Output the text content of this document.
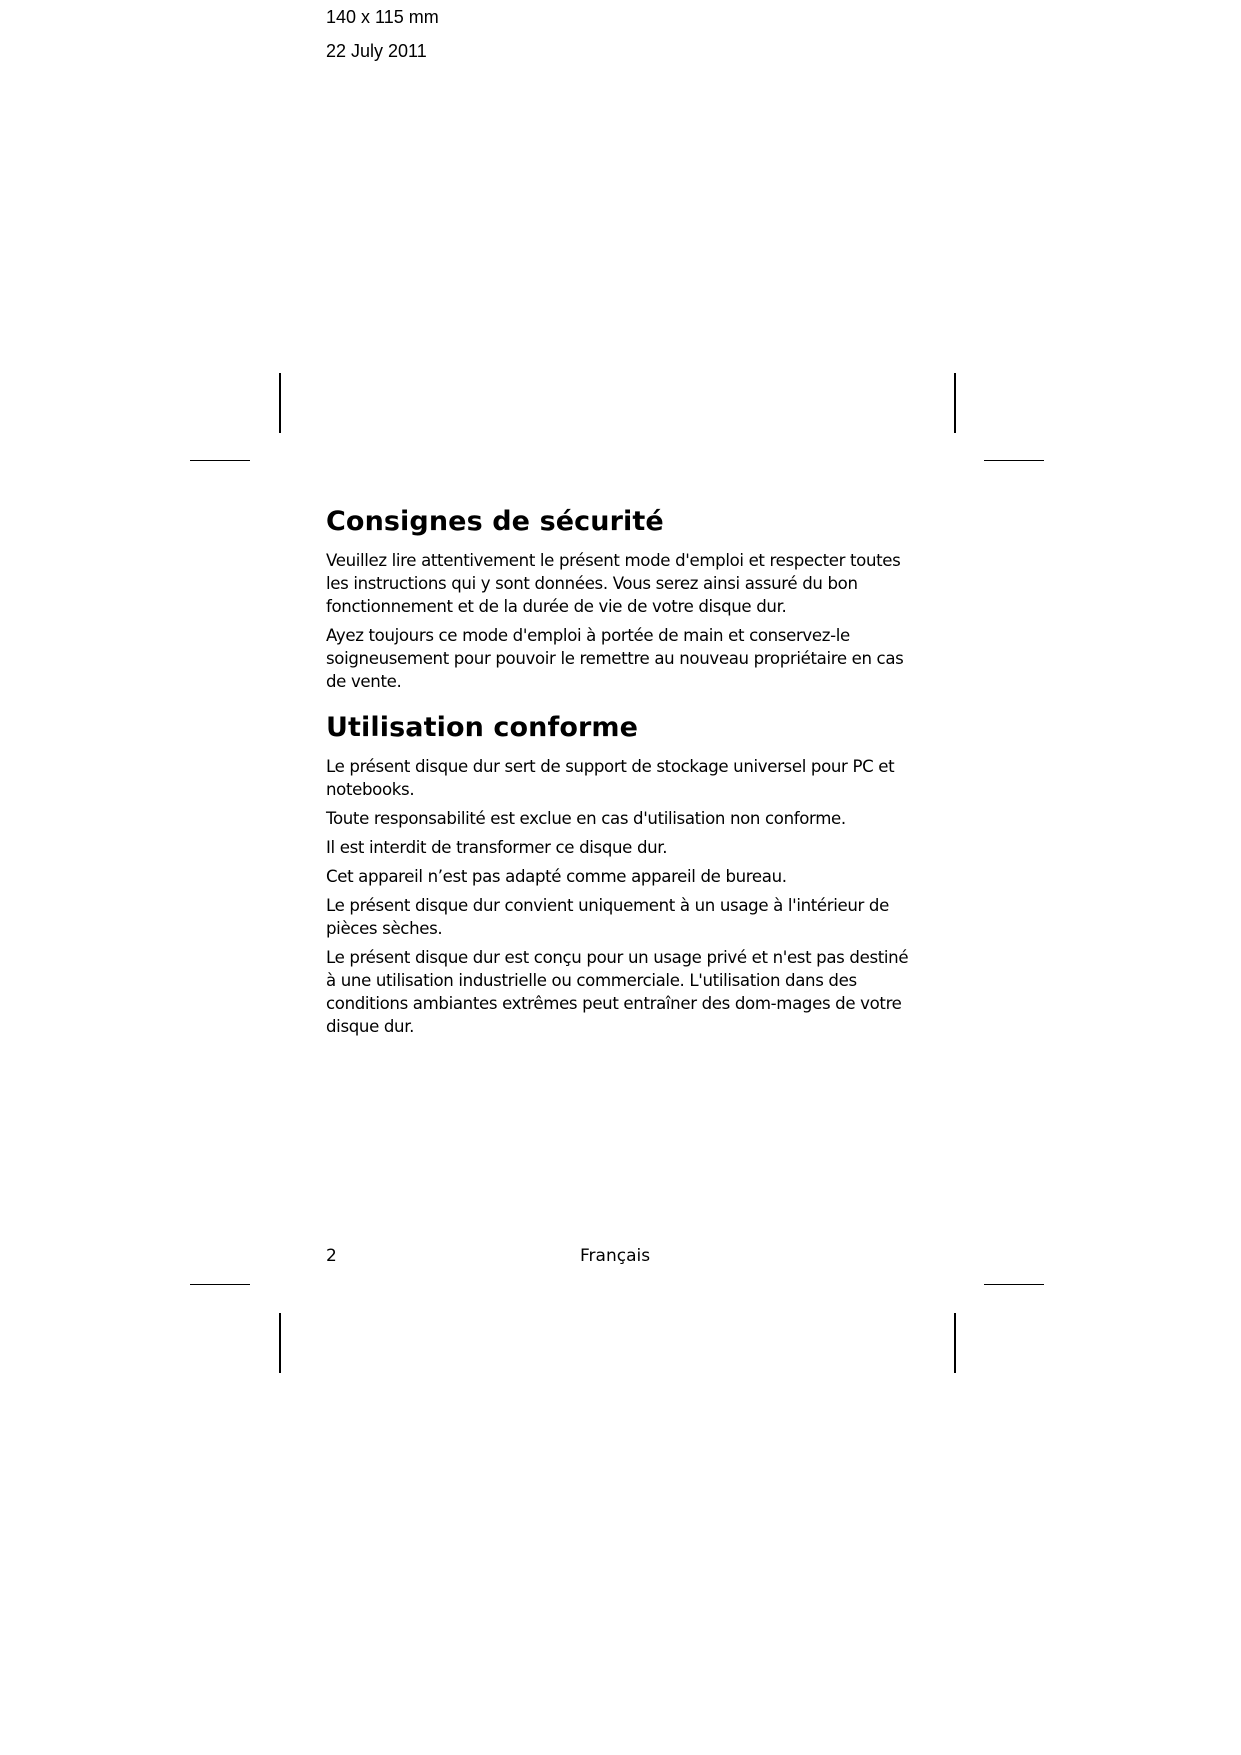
140 x 115 mm

22 July 2011

Consignes de sécurité

Veuillez lire attentivement le présent mode d'emploi et respecter toutes les instructions qui y sont données. Vous serez ainsi assuré du bon fonctionnement et de la durée de vie de votre disque dur.

Ayez toujours ce mode d'emploi à portée de main et conservez-le soigneusement pour pouvoir le remettre au nouveau propriétaire en cas de vente.

Utilisation conforme

Le présent disque dur sert de support de stockage universel pour PC et notebooks.

Toute responsabilité est exclue en cas d'utilisation non conforme.

Il est interdit de transformer ce disque dur.

Cet appareil n’est pas adapté comme appareil de bureau.

Le présent disque dur convient uniquement à un usage à l'intérieur de pièces sèches.

Le présent disque dur est conçu pour un usage privé et n'est pas destiné à une utilisation industrielle ou commerciale. L'utilisation dans des conditions ambiantes extrêmes peut entraîner des dom-mages de votre disque dur.

2	Français
